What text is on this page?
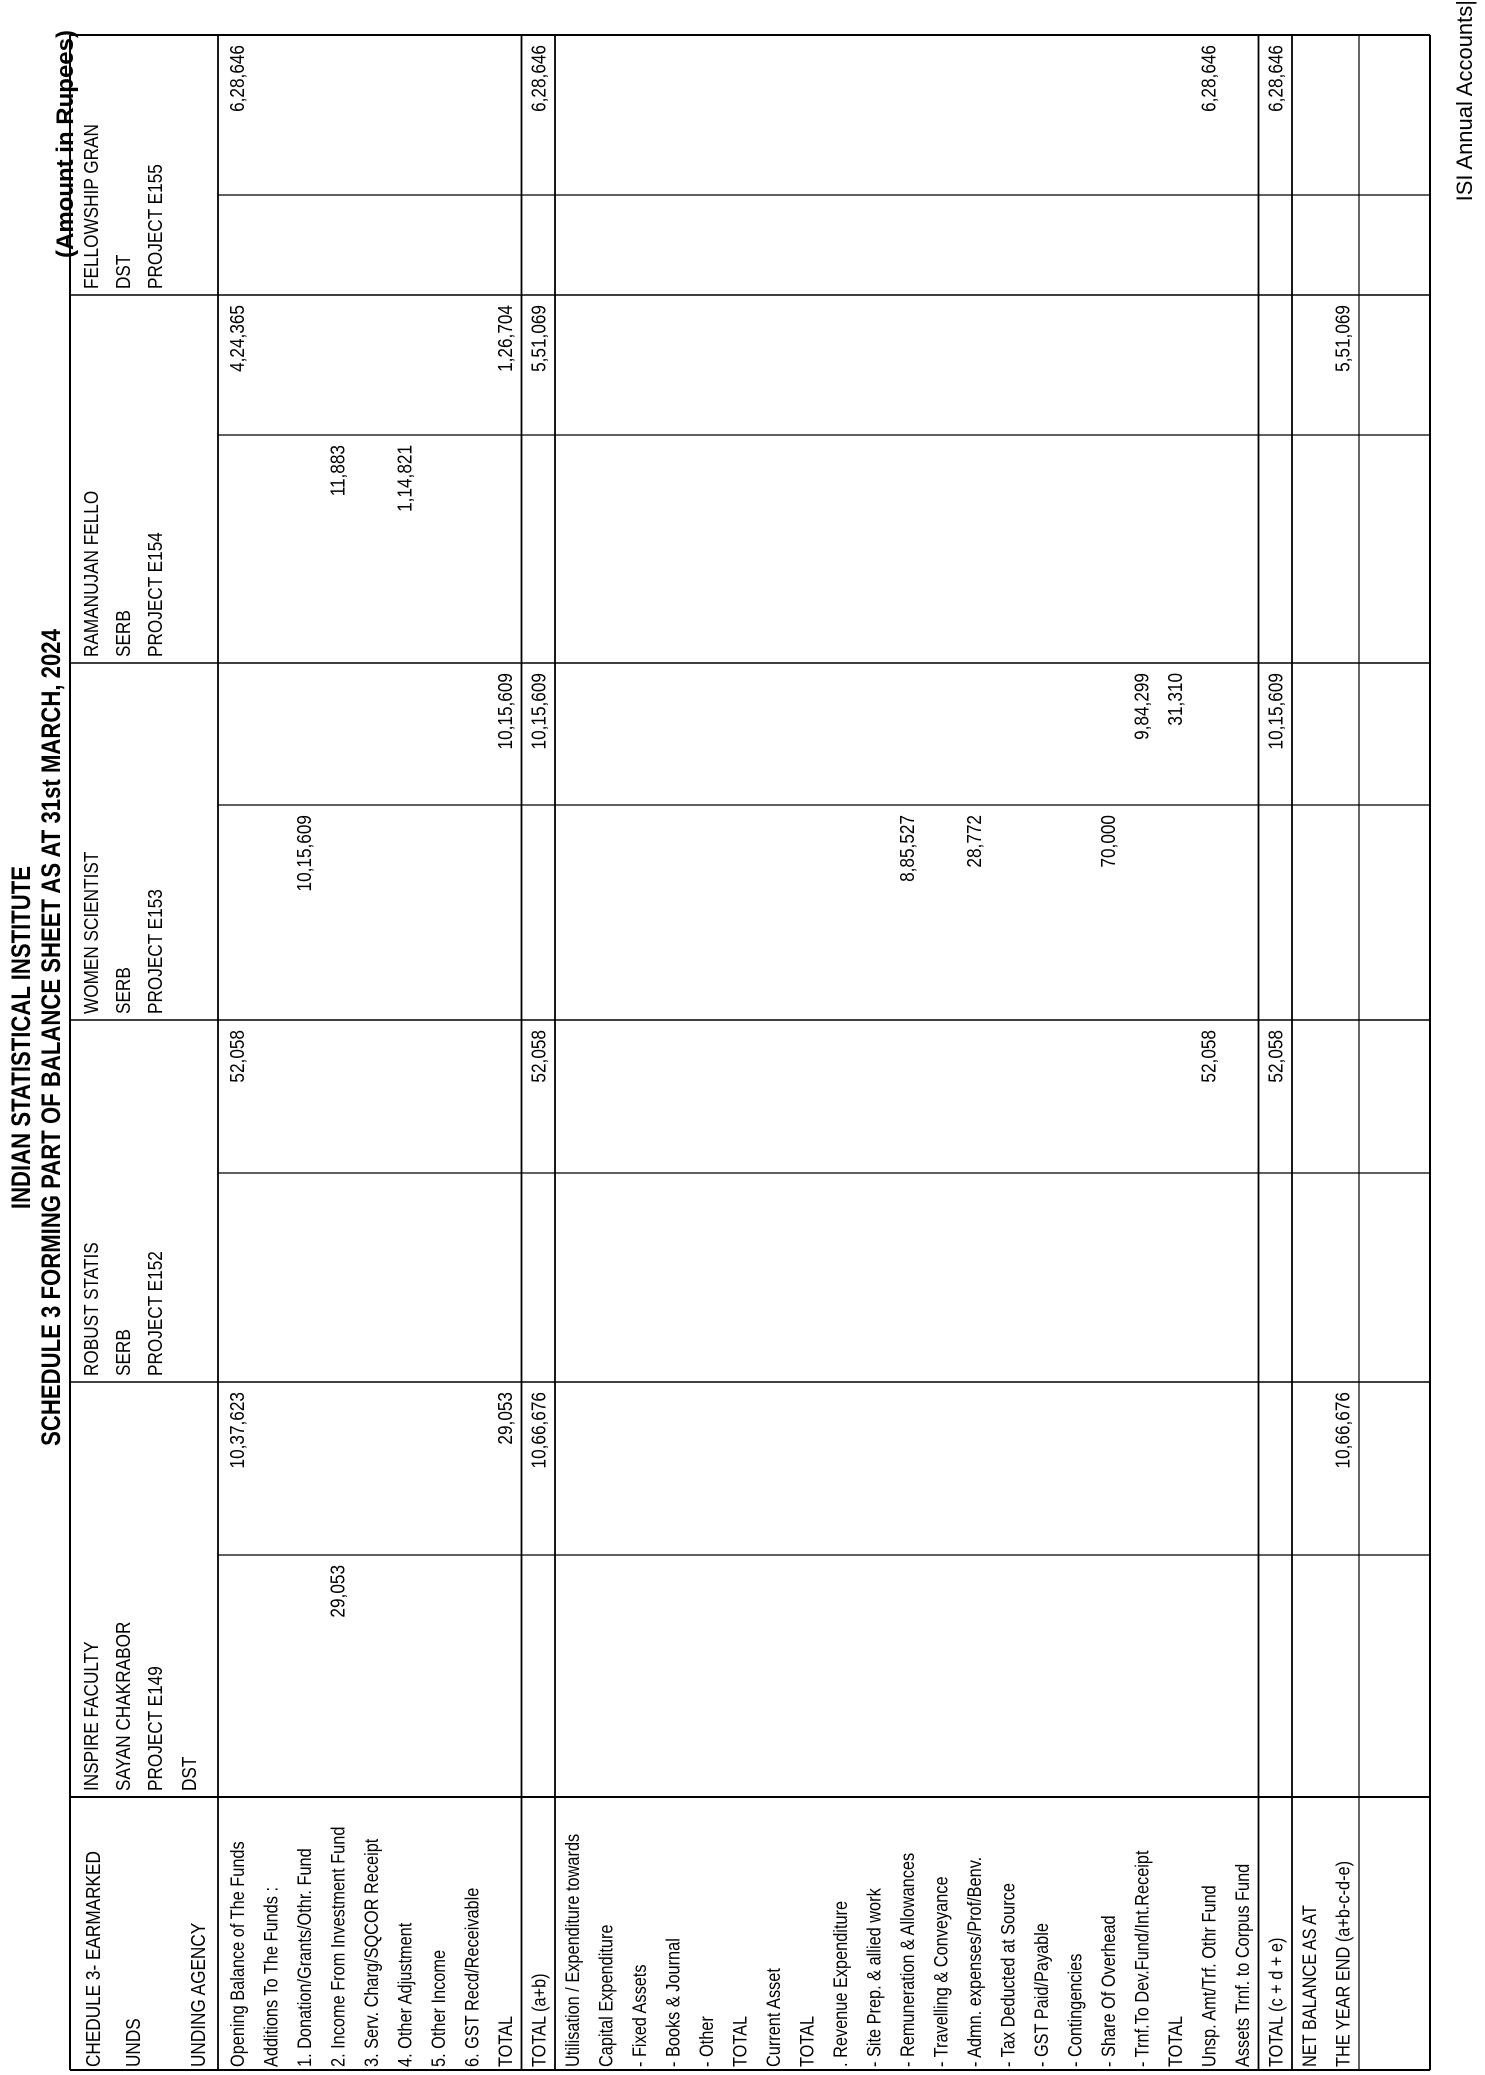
INDIAN STATISTICAL INSTITUTE SCHEDULE 3 FORMING PART OF BALANCE SHEET AS AT 31st MARCH, 2024
(Amount in Rupees)	ISI Annual Accounts|
CHEDULE 3- EARMARKED UNDS UNDING AGENCY
INSPIRE FACULTY SAYAN CHAKRABOR PROJECT E149 DST
ROBUST STATIS SERB PROJECT E152
WOMEN SCIENTIST SERB PROJECT E153
RAMANUJAN FELLO SERB PROJECT E154
FELLOWSHIP GRAN DST PROJECT E155
Opening Balance of The Funds Additions To The Funds : 1. Donation/Grants/Othr. Fund 2. Income From Investment Fund 3. Serv. Charg/SQCOR Receipt 4. Other Adjustment 5. Other Income 6. GST Recd/Receivable TOTAL TOTAL (a+b) Utilisation / Expenditure towards Capital Expenditure - Fixed Assets - Books & Journal - Other TOTAL Current Asset TOTAL . Revenue Expenditure - Site Prep. & allied work - Remuneration & Allowances - Travelling & Conveyance - Admn. expenses/Prof/Benv. - Tax Deducted at Source - GST Paid/Payable - Contingencies - Share Of Overhead - Trnf.To Dev.Fund/Int.Receipt TOTAL Unsp. Amt/Trf. Othr Fund Assets Trnf. to Corpus Fund TOTAL (c + d + e) NET BALANCE AS AT THE YEAR END (a+b-c-d-e)
10,37,623
52,058
4,24,365
6,28,646
10,15,609
29,053
11,883 1,14,821
29,053
10,15,609
1,26,704
10,66,676
52,058
10,15,609
5,51,069
6,28,646
8,85,527 28,772	70,000
9,84,299 31,310
52,058
6,28,646
52,058
10,15,609
6,28,646
10,66,676
5,51,069
